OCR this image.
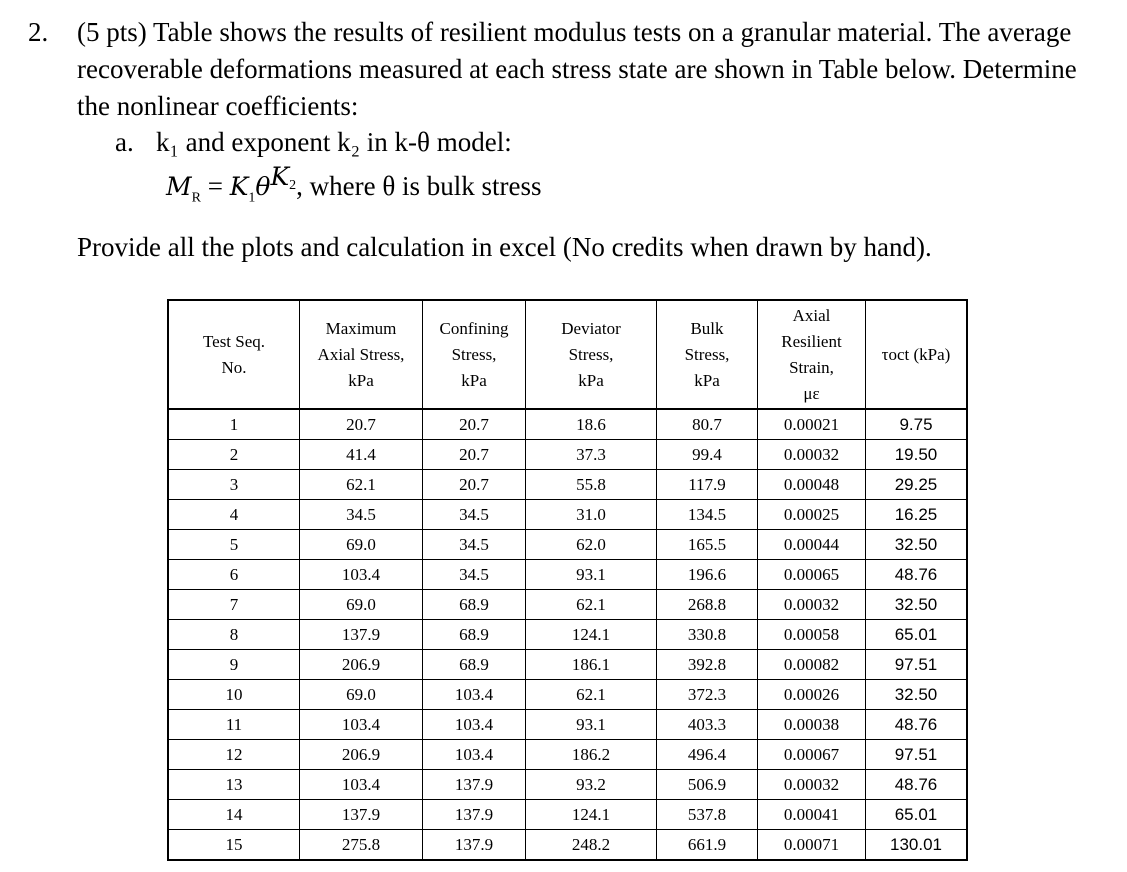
2. (5 pts) Table shows the results of resilient modulus tests on a granular material. The average recoverable deformations measured at each stress state are shown in Table below. Determine the nonlinear coefficients:
a. k₁ and exponent k₂ in k-θ model:
$M_R = K_1\theta^{K_2}$, where θ is bulk stress
Provide all the plots and calculation in excel (No credits when drawn by hand).
Test Seq.
No.	Maximum
Axial Stress,
kPa	Confining
Stress,
kPa	Deviator
Stress,
kPa	Bulk
Stress,
kPa	Axial
Resilient
Strain,
με	τoct (kPa)

1	20.7	20.7	18.6	80.7	0.00021	9.75
2	41.4	20.7	37.3	99.4	0.00032	19.50
3	62.1	20.7	55.8	117.9	0.00048	29.25
4	34.5	34.5	31.0	134.5	0.00025	16.25
5	69.0	34.5	62.0	165.5	0.00044	32.50
6	103.4	34.5	93.1	196.6	0.00065	48.76
7	69.0	68.9	62.1	268.8	0.00032	32.50
8	137.9	68.9	124.1	330.8	0.00058	65.01
9	206.9	68.9	186.1	392.8	0.00082	97.51
10	69.0	103.4	62.1	372.3	0.00026	32.50
11	103.4	103.4	93.1	403.3	0.00038	48.76
12	206.9	103.4	186.2	496.4	0.00067	97.51
13	103.4	137.9	93.2	506.9	0.00032	48.76
14	137.9	137.9	124.1	537.8	0.00041	65.01
15	275.8	137.9	248.2	661.9	0.00071	130.01
